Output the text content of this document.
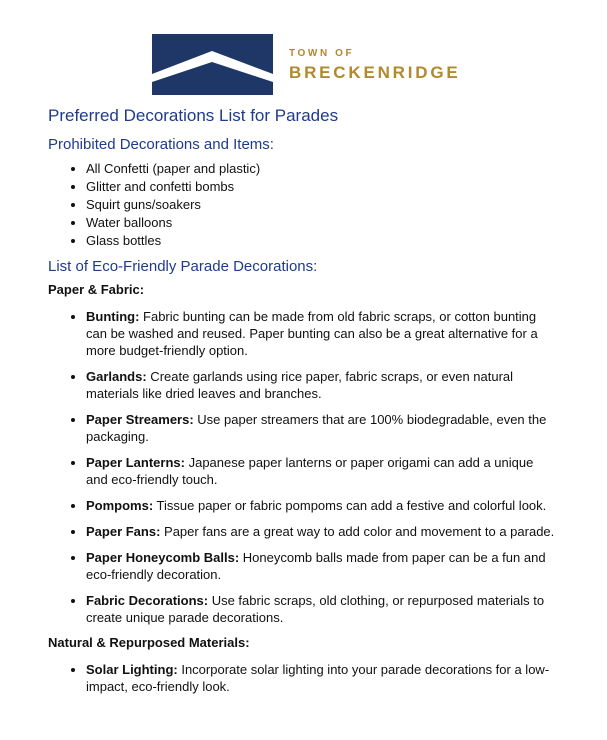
TOWN OF
BRECKENRIDGE
Preferred Decorations List for Parades
Prohibited Decorations and Items:
• All Confetti (paper and plastic)
• Glitter and confetti bombs
• Squirt guns/soakers
• Water balloons
• Glass bottles
List of Eco-Friendly Parade Decorations:
Paper & Fabric:
• Bunting: Fabric bunting can be made from old fabric scraps, or cotton bunting can be washed and reused. Paper bunting can also be a great alternative for a more budget-friendly option.
• Garlands: Create garlands using rice paper, fabric scraps, or even natural materials like dried leaves and branches.
• Paper Streamers: Use paper streamers that are 100% biodegradable, even the packaging.
• Paper Lanterns: Japanese paper lanterns or paper origami can add a unique and eco-friendly touch.
• Pompoms: Tissue paper or fabric pompoms can add a festive and colorful look.
• Paper Fans: Paper fans are a great way to add color and movement to a parade.
• Paper Honeycomb Balls: Honeycomb balls made from paper can be a fun and eco-friendly decoration.
• Fabric Decorations: Use fabric scraps, old clothing, or repurposed materials to create unique parade decorations.
Natural & Repurposed Materials:
• Solar Lighting: Incorporate solar lighting into your parade decorations for a low-impact, eco-friendly look.
